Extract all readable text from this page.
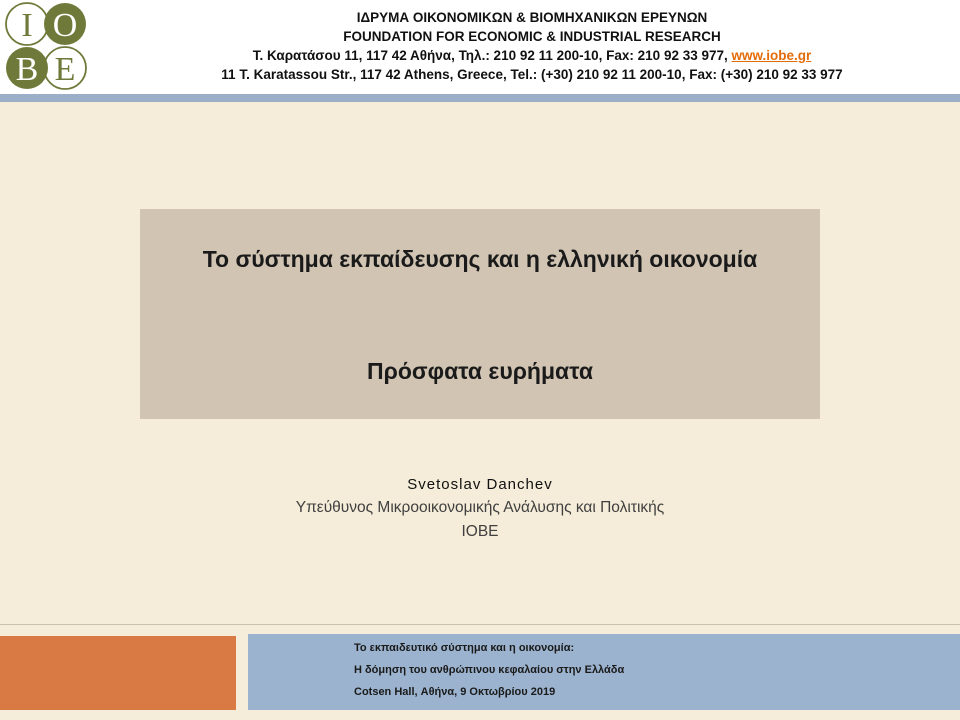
I O
B E
ΙΔΡΥΜΑ ΟΙΚΟΝΟΜΙΚΩΝ & ΒΙΟΜΗΧΑΝΙΚΩΝ ΕΡΕΥΝΩΝ
FOUNDATION FOR ECONOMIC & INDUSTRIAL RESEARCH
Τ. Καρατάσου 11, 117 42 Αθήνα, Τηλ.: 210 92 11 200-10, Fax: 210 92 33 977, www.iobe.gr
11 T. Karatassou Str., 117 42 Athens, Greece, Tel.: (+30) 210 92 11 200-10, Fax: (+30) 210 92 33 977
Το σύστημα εκπαίδευσης και η ελληνική οικονομία
Πρόσφατα ευρήματα
Svetoslav Danchev
Υπεύθυνος Μικροοικονομικής Ανάλυσης και Πολιτικής
ΙΟΒΕ
Το εκπαιδευτικό σύστημα και η οικονομία:
Η δόμηση του ανθρώπινου κεφαλαίου στην Ελλάδα
Cotsen Hall, Αθήνα, 9 Οκτωβρίου 2019
